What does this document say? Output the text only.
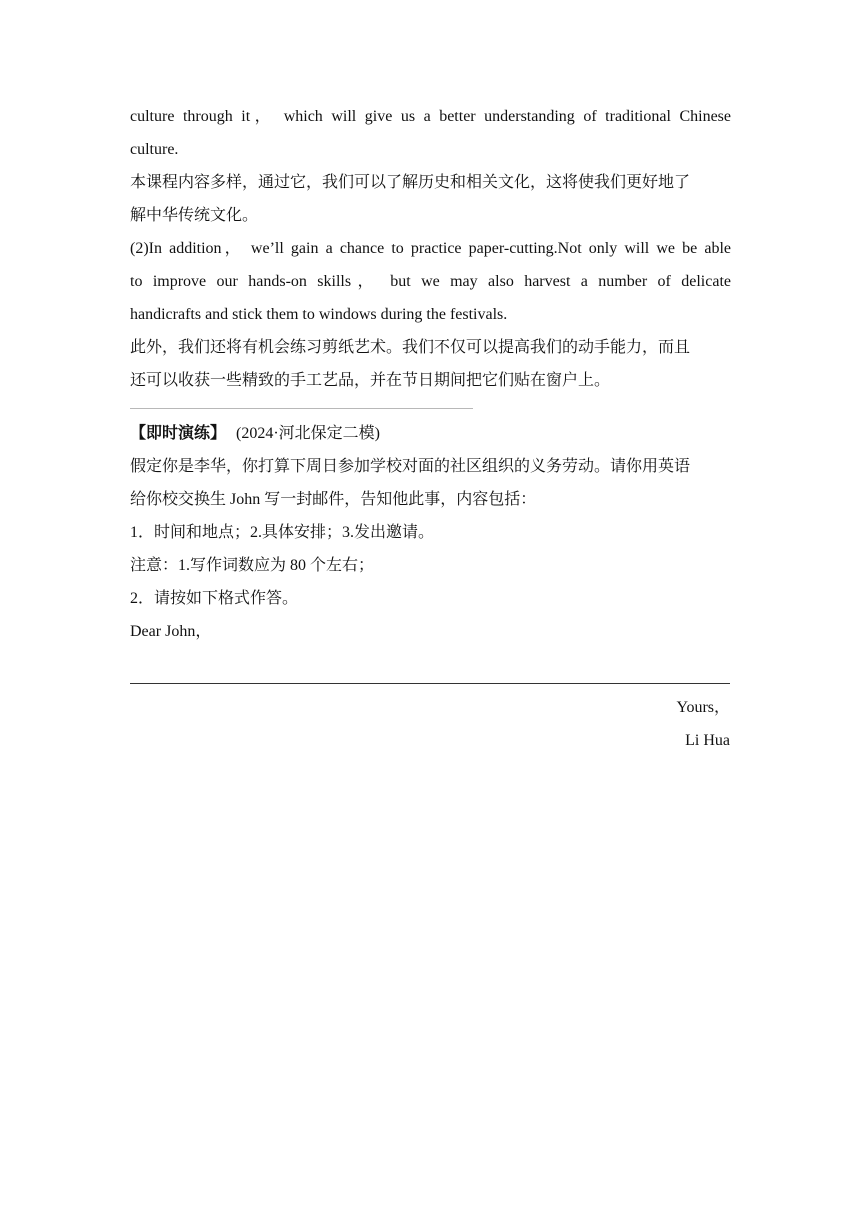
culture through it， which will give us a better understanding of traditional Chinese
culture.
本课程内容多样，通过它，我们可以了解历史和相关文化，这将使我们更好地了
解中华传统文化。
(2)In addition， we’ll gain a chance to practice paper-cutting.Not only will we be able
to improve our hands-on skills， but we may also harvest a number of delicate
handicrafts and stick them to windows during the festivals.
此外，我们还将有机会练习剪纸艺术。我们不仅可以提高我们的动手能力，而且
还可以收获一些精致的手工艺品，并在节日期间把它们贴在窗户上。
【即时演练】 (2024·河北保定二模)
假定你是李华，你打算下周日参加学校对面的社区组织的义务劳动。请你用英语
给你校交换生 John 写一封邮件，告知他此事，内容包括：
1．时间和地点；2.具体安排；3.发出邀请。
注意：1.写作词数应为 80 个左右；
2．请按如下格式作答。
Dear John，
Yours，
Li Hua
